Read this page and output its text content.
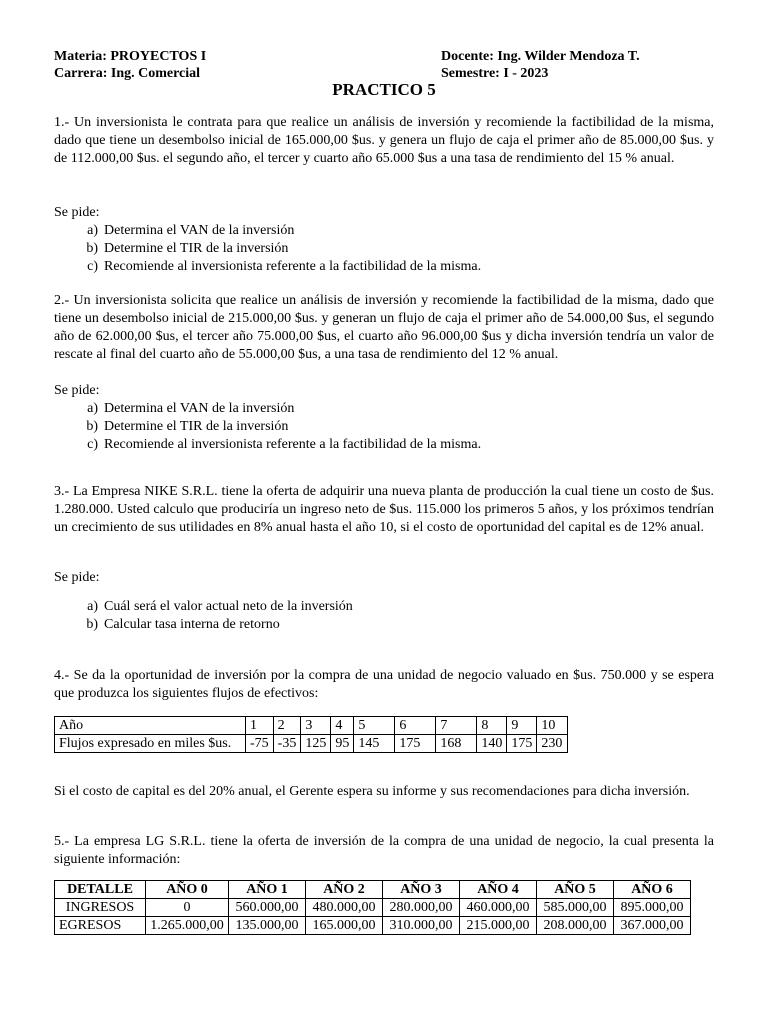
Materia: PROYECTOS I
Carrera: Ing. Comercial
Docente: Ing. Wilder Mendoza T.
Semestre: I - 2023
PRACTICO 5

1.- Un inversionista le contrata para que realice un análisis de inversión y recomiende la factibilidad de la misma, dado que tiene un desembolso inicial de 165.000,00 $us. y genera un flujo de caja el primer año de 85.000,00 $us. y de 112.000,00 $us. el segundo año, el tercer y cuarto año 65.000 $us a una tasa de rendimiento del 15 % anual.

Se pide:

a) Determina el VAN de la inversión
b) Determine el TIR de la inversión
c) Recomiende al inversionista referente a la factibilidad de la misma.

2.- Un inversionista solicita que realice un análisis de inversión y recomiende la factibilidad de la misma, dado que tiene un desembolso inicial de 215.000,00 $us. y generan un flujo de caja el primer año de 54.000,00 $us, el segundo año de 62.000,00 $us, el tercer año 75.000,00 $us, el cuarto año 96.000,00 $us y dicha inversión tendría un valor de rescate al final del cuarto año de 55.000,00 $us, a una tasa de rendimiento del 12 % anual.

Se pide:

a) Determina el VAN de la inversión
b) Determine el TIR de la inversión
c) Recomiende al inversionista referente a la factibilidad de la misma.

3.- La Empresa NIKE S.R.L. tiene la oferta de adquirir una nueva planta de producción la cual tiene un costo de $us. 1.280.000. Usted calculo que produciría un ingreso neto de $us. 115.000 los primeros 5 años, y los próximos tendrían un crecimiento de sus utilidades en 8% anual hasta el año 10, si el costo de oportunidad del capital es de 12% anual.

Se pide:

a) Cuál será el valor actual neto de la inversión
b) Calcular tasa interna de retorno

4.- Se da la oportunidad de inversión por la compra de una unidad de negocio valuado en $us. 750.000 y se espera que produzca los siguientes flujos de efectivos:

Año	1	2	3	4	5	6	7	8	9	10
Flujos expresado en miles $us.	-75	-35	125	95	145	175	168	140	175	230

Si el costo de capital es del 20% anual, el Gerente espera su informe y sus recomendaciones para dicha inversión.

5.- La empresa LG S.R.L. tiene la oferta de inversión de la compra de una unidad de negocio, la cual presenta la siguiente información:

DETALLE	AÑO 0	AÑO 1	AÑO 2	AÑO 3	AÑO 4	AÑO 5	AÑO 6
INGRESOS	0	560.000,00	480.000,00	280.000,00	460.000,00	585.000,00	895.000,00
EGRESOS	1.265.000,00	135.000,00	165.000,00	310.000,00	215.000,00	208.000,00	367.000,00
